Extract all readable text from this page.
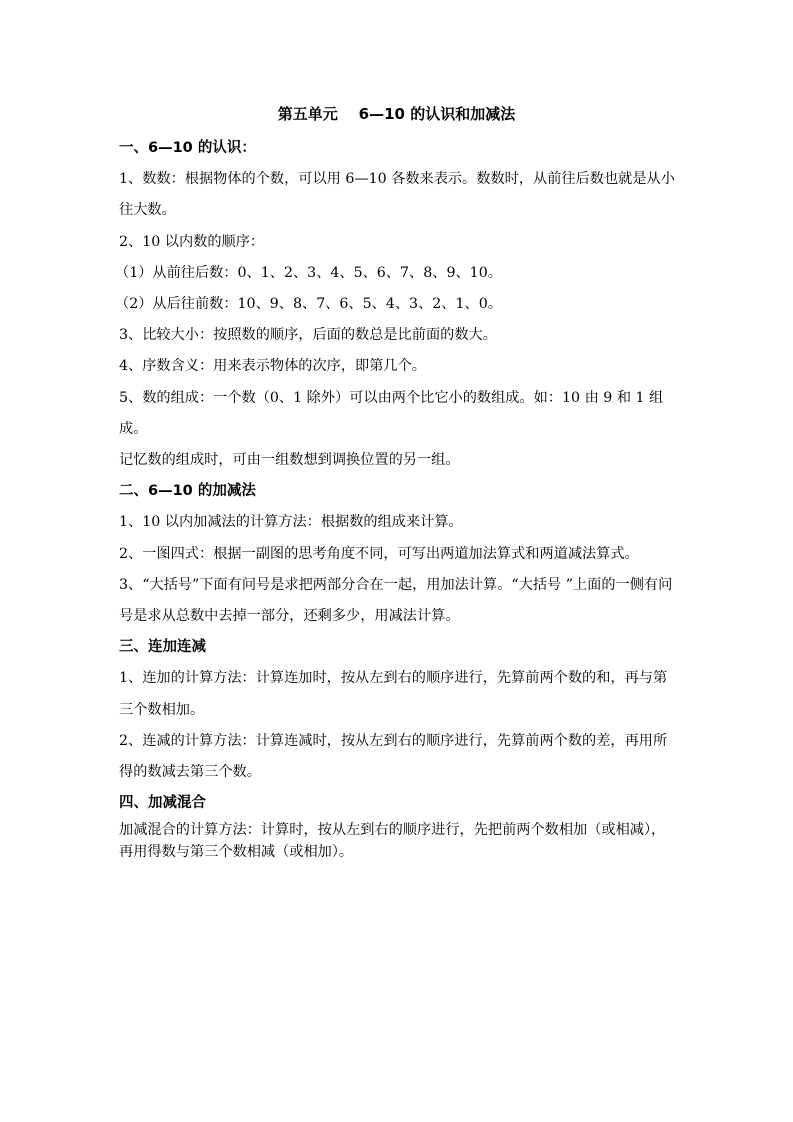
第五单元    6—10 的认识和加减法
一、6—10 的认识：
1、数数：根据物体的个数，可以用 6—10 各数来表示。数数时，从前往后数也就是从小往大数。
2、10 以内数的顺序：
（1）从前往后数：0、1、2、3、4、5、6、7、8、9、10。
（2）从后往前数：10、9、8、7、6、5、4、3、2、1、0。
3、比较大小：按照数的顺序，后面的数总是比前面的数大。
4、序数含义：用来表示物体的次序，即第几个。
5、数的组成：一个数（0、1 除外）可以由两个比它小的数组成。如：10 由 9 和 1 组成。
记忆数的组成时，可由一组数想到调换位置的另一组。
二、6—10 的加减法
1、10 以内加减法的计算方法：根据数的组成来计算。
2、一图四式：根据一副图的思考角度不同，可写出两道加法算式和两道减法算式。
3、“大括号”下面有问号是求把两部分合在一起，用加法计算。“大括号 ”上面的一侧有问号是求从总数中去掉一部分，还剩多少，用减法计算。
三、连加连减
1、连加的计算方法：计算连加时，按从左到右的顺序进行，先算前两个数的和，再与第三个数相加。
2、连减的计算方法：计算连减时，按从左到右的顺序进行，先算前两个数的差，再用所得的数减去第三个数。
四、加减混合
加减混合的计算方法：计算时，按从左到右的顺序进行，先把前两个数相加（或相减），再用得数与第三个数相减（或相加）。
